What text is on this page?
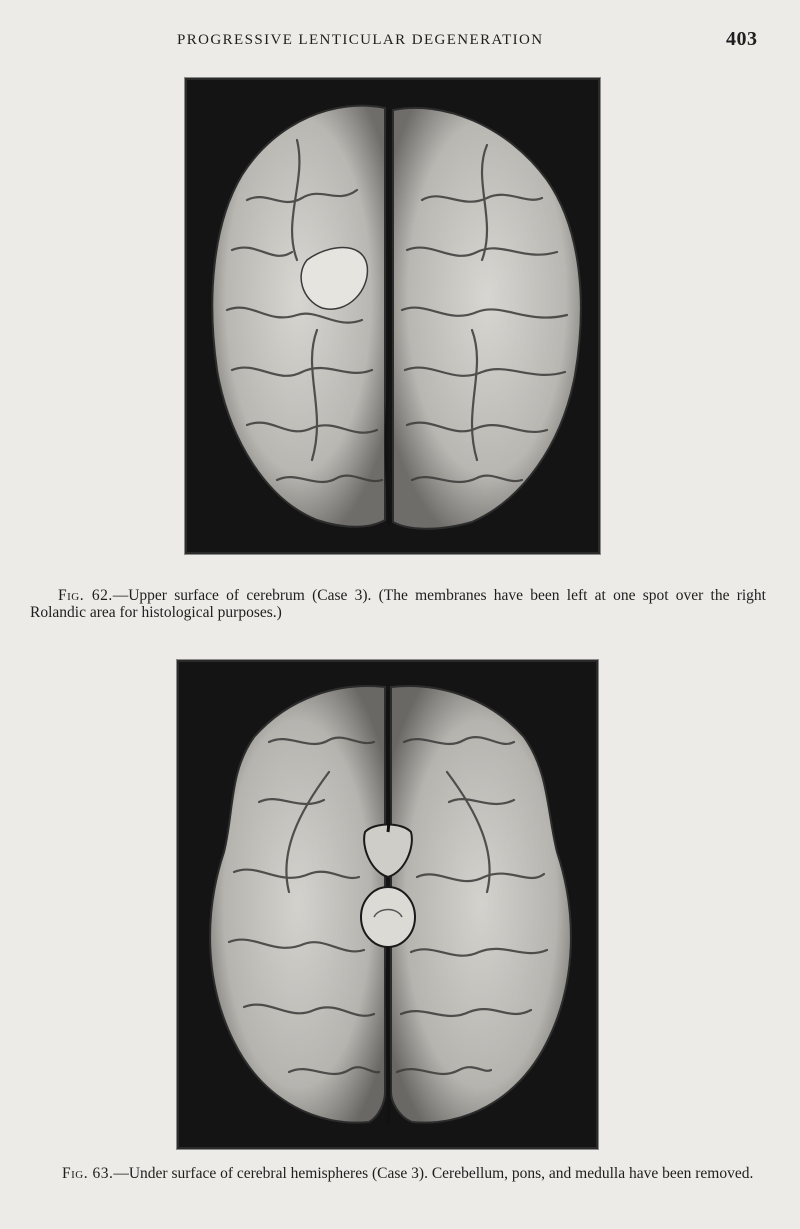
PROGRESSIVE LENTICULAR DEGENERATION	403
Fig. 62.—Upper surface of cerebrum (Case 3). (The membranes have been left at one spot over the right Rolandic area for histological purposes.)
Fig. 63.—Under surface of cerebral hemispheres (Case 3). Cerebellum, pons, and medulla have been removed.
